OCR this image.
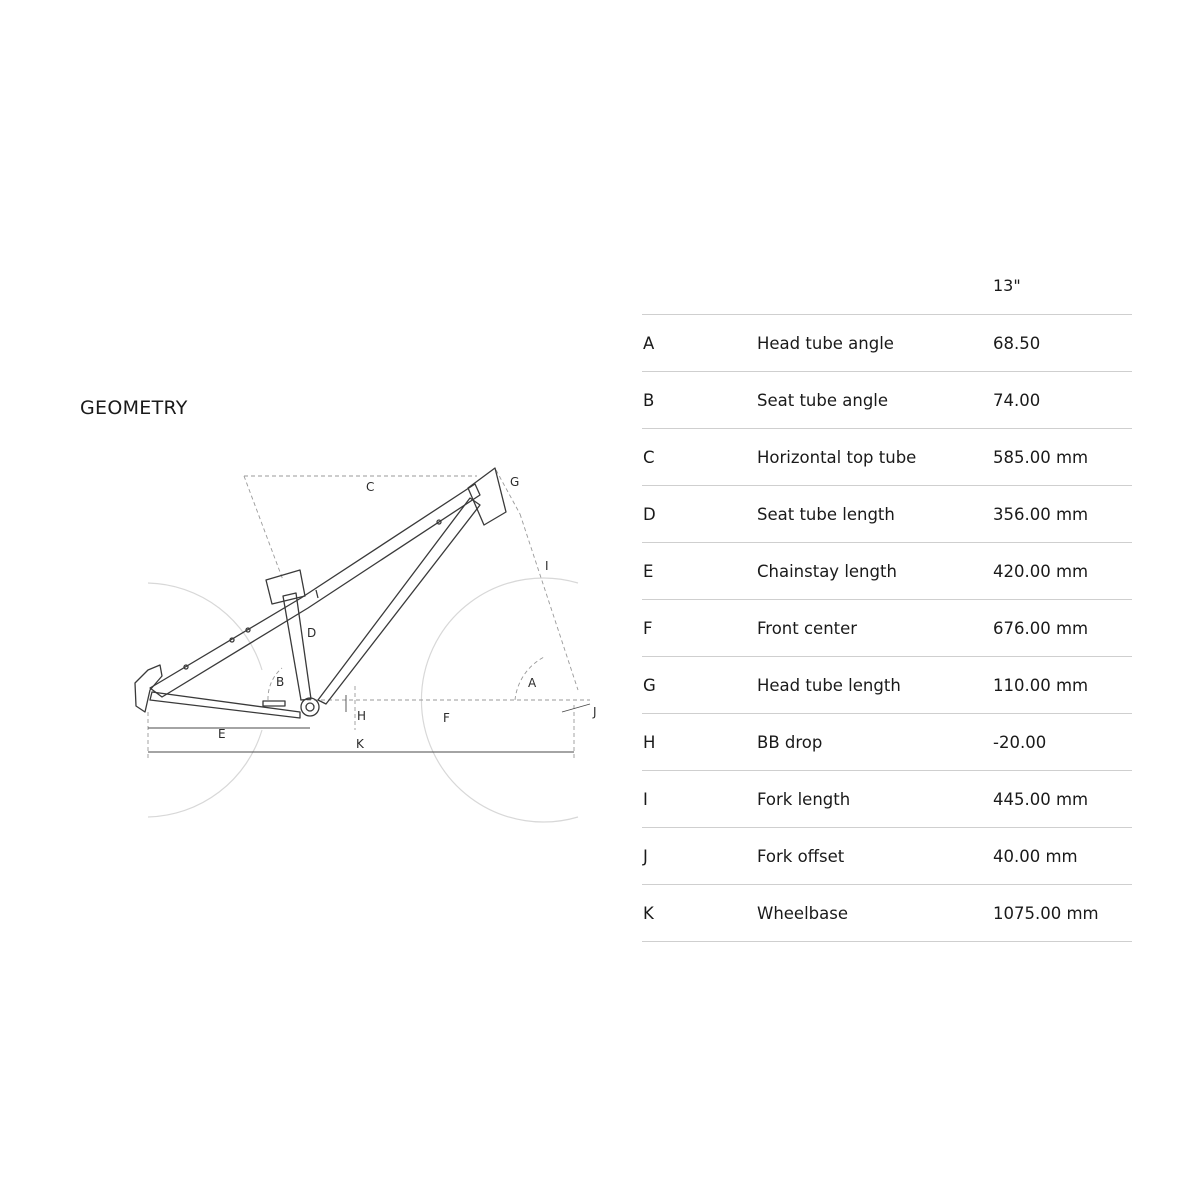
GEOMETRY
C	G
I
D
B	A
H	F	J
E
K
13"
A	Head tube angle	68.50
B	Seat tube angle	74.00
C	Horizontal top tube	585.00 mm
D	Seat tube length	356.00 mm
E	Chainstay length	420.00 mm
F	Front center	676.00 mm
G	Head tube length	110.00 mm
H	BB drop	-20.00
I	Fork length	445.00 mm
J	Fork offset	40.00 mm
K	Wheelbase	1075.00 mm
